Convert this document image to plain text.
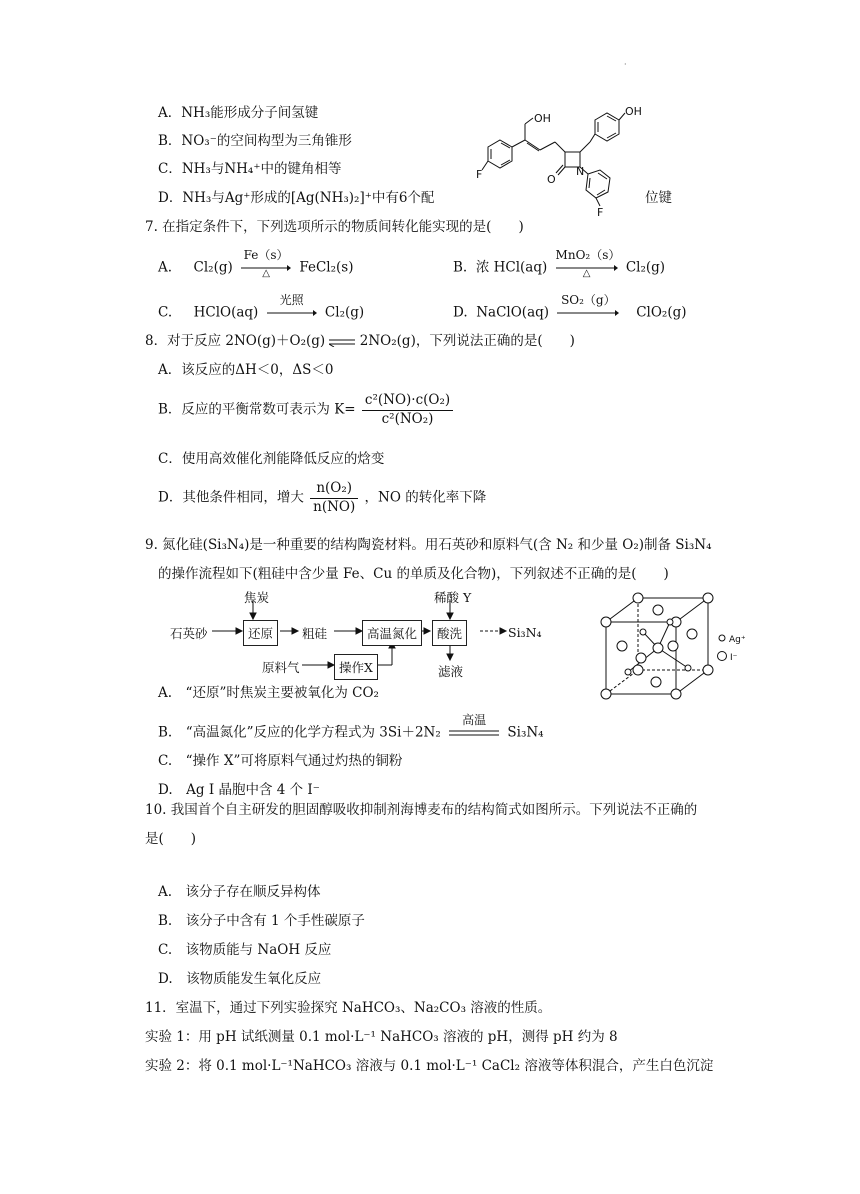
·
A．NH₃能形成分子间氢键
B．NO₃⁻的空间构型为三角锥形
C．NH₃与NH₄⁺中的键角相等
D．NH₃与Ag⁺形成的[Ag(NH₃)₂]⁺中有6个配	位键
OH
OH
F
F
O
N
7. 在指定条件下，下列选项所示的物质间转化能实现的是(　　)
A. Cl₂(g)
Fe（s）
△	FeCl₂(s)	B. 浓 HCl(aq)
MnO₂（s）
△	Cl₂(g)
C. HClO(aq)
光照
Cl₂(g)	D. NaClO(aq)
SO₂（g）
ClO₂(g)
8．对于反应 2NO(g)＋O₂(g)	2NO₂(g)，下列说法正确的是(　　)
A．该反应的ΔH＜0，ΔS＜0
B．反应的平衡常数可表示为 $K= \frac{\text{c²(NO)·c(O₂)}}{\text{c²(NO₂)}}$
C．使用高效催化剂能降低反应的焓变
D．其他条件相同，增大 $\frac{\text{n(O₂)}}{n(NO)}$ ，NO 的转化率下降
9. 氮化硅(Si₃N₄)是一种重要的结构陶瓷材料。用石英砂和原料气(含 N₂ 和少量 O₂)制备 Si₃N₄
的操作流程如下(粗硅中含少量 Fe、Cu 的单质及化合物)，下列叙述不正确的是(　　)
焦炭
石英砂	还原	粗硅	高温氮化
稀酸 Y
酸洗	Si₃N₄
原料气	操作X	滤液
Ag⁺
I⁻
A.　“还原”时焦炭主要被氧化为 CO₂
B.　“高温氮化”反应的化学方程式为 3Si＋2N₂
高温
Si₃N₄
C.　“操作 X”可将原料气通过灼热的铜粉
D.　Ag I 晶胞中含 4 个 I⁻
10. 我国首个自主研发的胆固醇吸收抑制剂海博麦布的结构简式如图所示。下列说法不正确的
是(　　)
A.　该分子存在顺反异构体
B.　该分子中含有 1 个手性碳原子
C.　该物质能与 NaOH 反应
D.　该物质能发生氧化反应
11．室温下，通过下列实验探究 NaHCO₃、Na₂CO₃ 溶液的性质。
实验 1：用 pH 试纸测量 0.1 mol·L⁻¹ NaHCO₃ 溶液的 pH，测得 pH 约为 8
实验 2：将 0.1 mol·L⁻¹NaHCO₃ 溶液与 0.1 mol·L⁻¹ CaCl₂ 溶液等体积混合，产生白色沉淀
